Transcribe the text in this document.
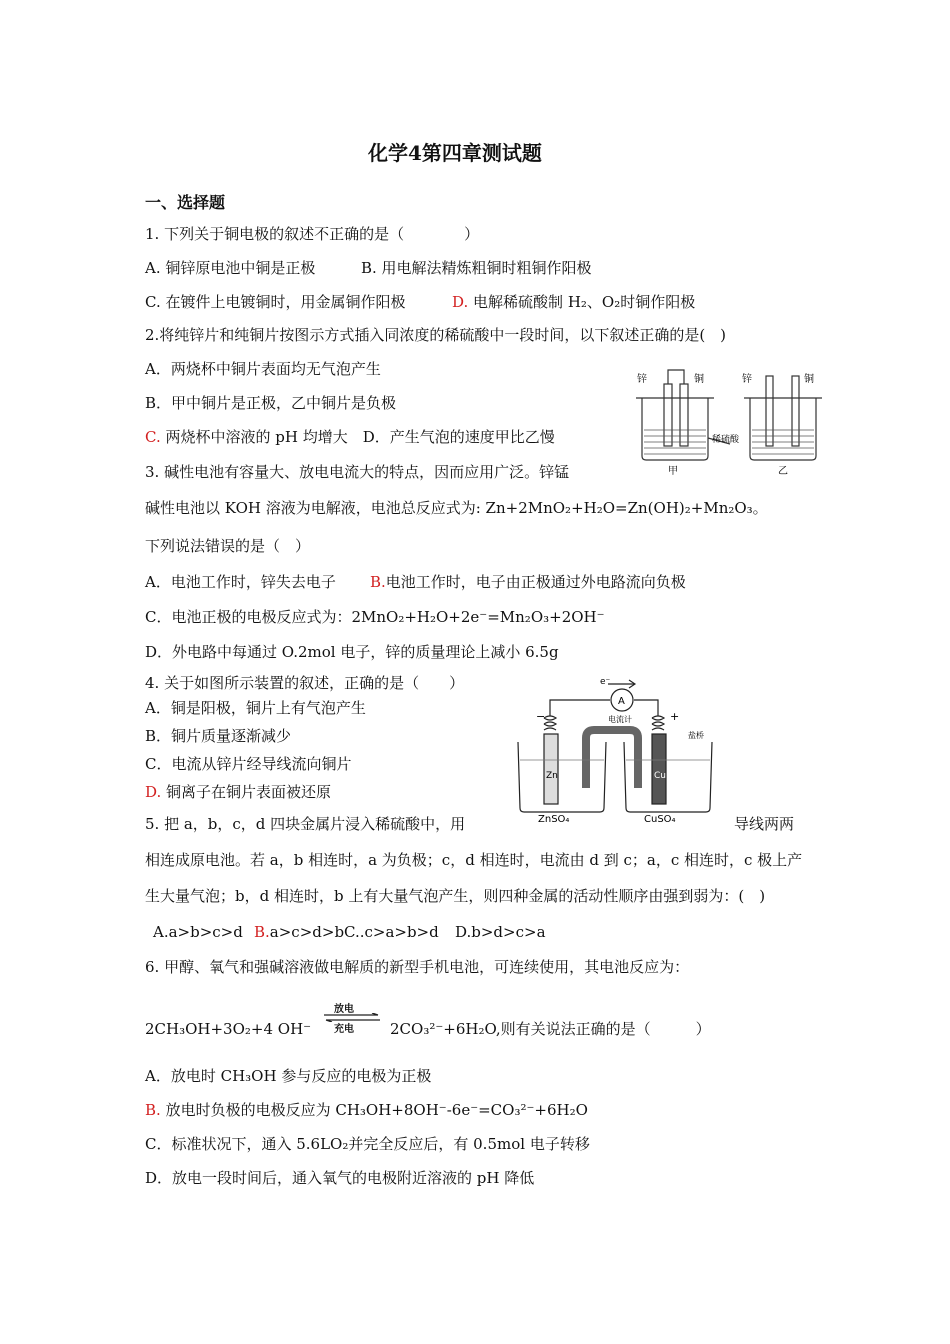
化学4第四章测试题
一、选择题
1. 下列关于铜电极的叙述不正确的是（　　　　）
A. 铜锌原电池中铜是正极	B. 用电解法精炼粗铜时粗铜作阳极
C. 在镀件上电镀铜时，用金属铜作阳极	D. 电解稀硫酸制 H₂、O₂时铜作阳极
2.将纯锌片和纯铜片按图示方式插入同浓度的稀硫酸中一段时间，以下叙述正确的是(　)
A．两烧杯中铜片表面均无气泡产生
B．甲中铜片是正极，乙中铜片是负极
C. 两烧杯中溶液的 pH 均增大　D．产生气泡的速度甲比乙慢
锌	铜	锌	铜
稀硫酸
甲	乙
3. 碱性电池有容量大、放电电流大的特点，因而应用广泛。锌锰
碱性电池以 KOH 溶液为电解液，电池总反应式为: Zn+2MnO₂+H₂O=Zn(OH)₂+Mn₂O₃。
下列说法错误的是（　）
A．电池工作时，锌失去电子 B.电池工作时，电子由正极通过外电路流向负极
C．电池正极的电极反应式为：2MnO₂+H₂O+2e⁻=Mn₂O₃+2OH⁻
D．外电路中每通过 O.2mol 电子，锌的质量理论上减小 6.5g
4. 关于如图所示装置的叙述，正确的是（　　）
A．铜是阳极，铜片上有气泡产生
B．铜片质量逐渐减少
C．电流从锌片经导线流向铜片
D. 铜离子在铜片表面被还原
e⁻
A
电流计
−	+
盐桥
Zn	Cu
ZnSO₄	CuSO₄
5. 把 a，b，c，d 四块金属片浸入稀硫酸中，用	导线两两
相连成原电池。若 a，b 相连时，a 为负极；c，d 相连时，电流由 d 到 c；a，c 相连时，c 极上产
生大量气泡；b，d 相连时，b 上有大量气泡产生，则四种金属的活动性顺序由强到弱为：(　)
A.a>b>c>d B.a>c>d>b C..c>a>b>d D.b>d>c>a
6. 甲醇、氧气和强碱溶液做电解质的新型手机电池，可连续使用，其电池反应为：
2CH₃OH+3O₂+4 OH⁻
放电
充电 2CO₃²⁻+6H₂O,则有关说法正确的是（　　　）
A．放电时 CH₃OH 参与反应的电极为正极
B. 放电时负极的电极反应为 CH₃OH+8OH⁻-6e⁻=CO₃²⁻+6H₂O
C．标准状况下，通入 5.6LO₂并完全反应后，有 0.5mol 电子转移
D．放电一段时间后，通入氧气的电极附近溶液的 pH 降低
